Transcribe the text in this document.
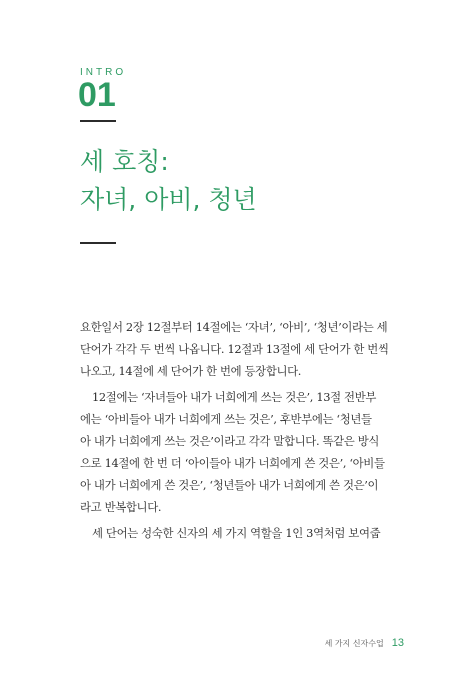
INTRO
01
세 호칭:
자녀, 아비, 청년
요한일서 2장 12절부터 14절에는 ‘자녀’, ‘아비’, ‘청년’이라는 세
단어가 각각 두 번씩 나옵니다. 12절과 13절에 세 단어가 한 번씩
나오고, 14절에 세 단어가 한 번에 등장합니다.
12절에는 ‘자녀들아 내가 너희에게 쓰는 것은’, 13절 전반부
에는 ‘아비들아 내가 너희에게 쓰는 것은’, 후반부에는 ‘청년들
아 내가 너희에게 쓰는 것은’이라고 각각 말합니다. 똑같은 방식
으로 14절에 한 번 더 ‘아이들아 내가 너희에게 쓴 것은’, ‘아비들
아 내가 너희에게 쓴 것은’, ‘청년들아 내가 너희에게 쓴 것은’이
라고 반복합니다.
세 단어는 성숙한 신자의 세 가지 역할을 1인 3역처럼 보여줍
세 가지 신자수업 13
